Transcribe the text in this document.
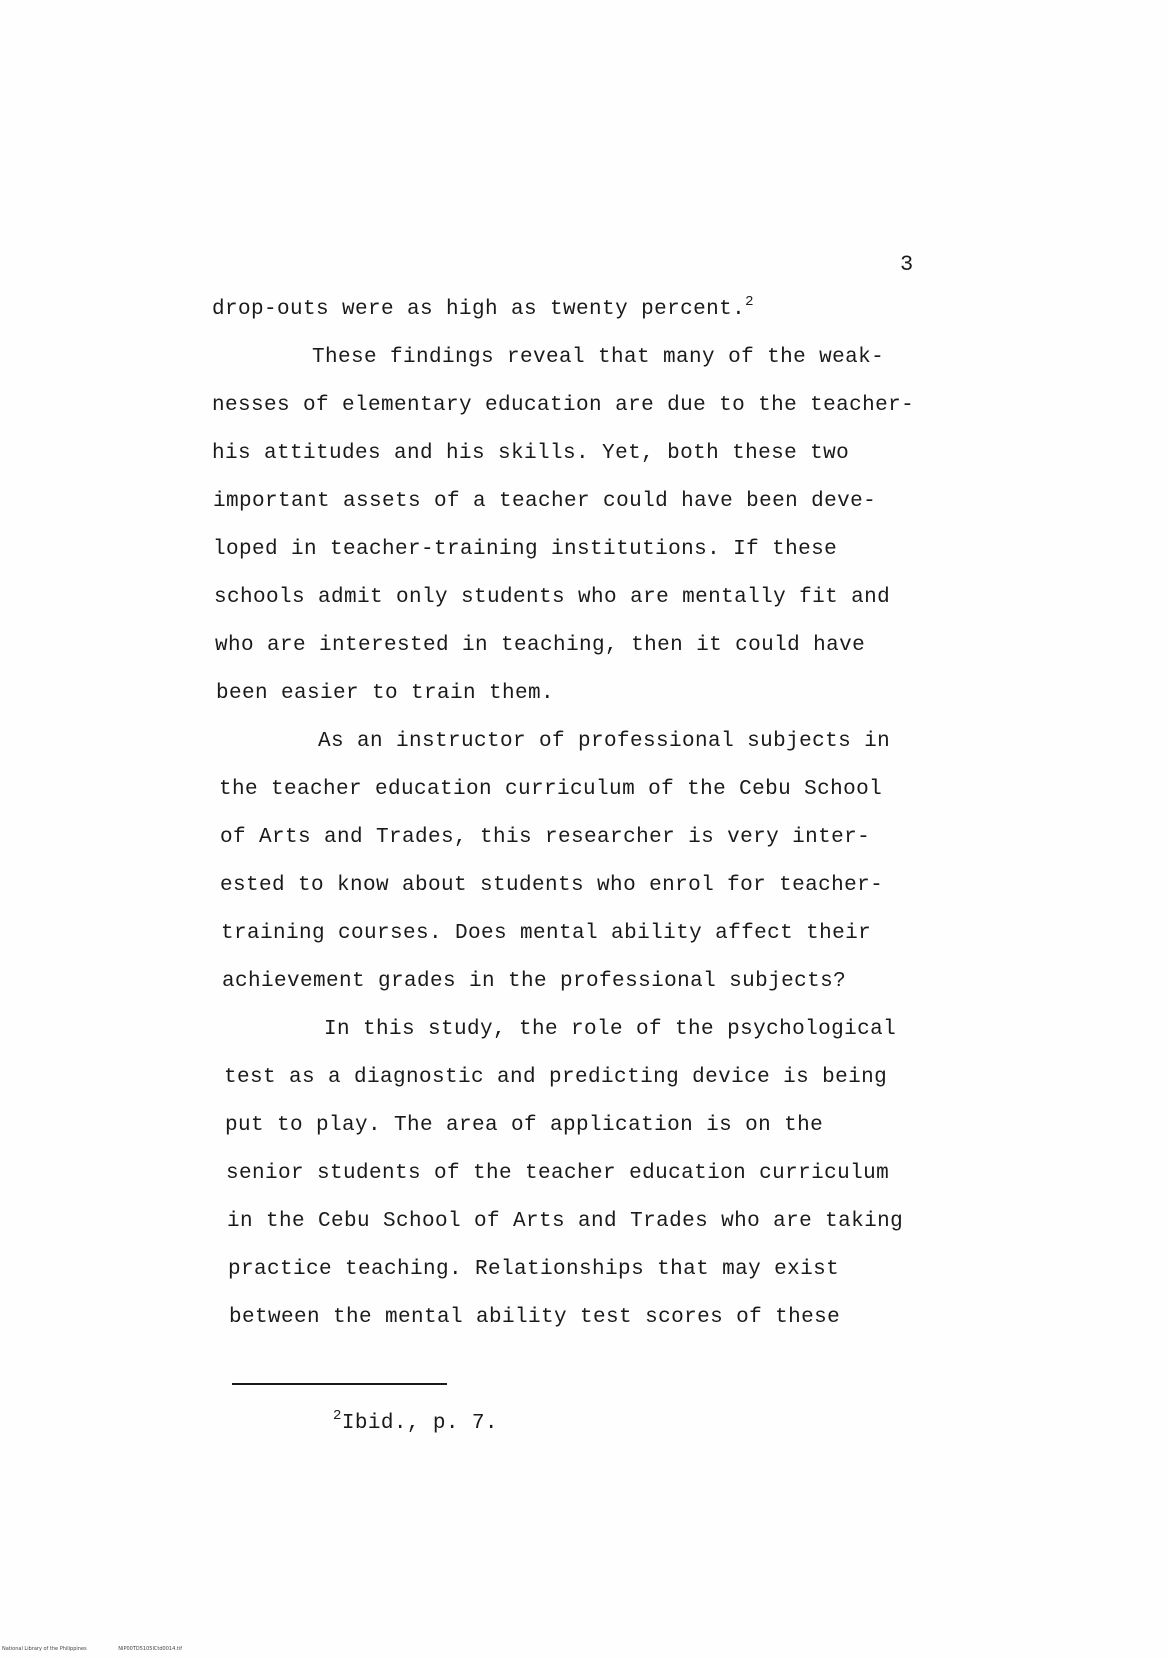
3
drop-outs were as high as twenty percent.$^2$
These findings reveal that many of the weak-
nesses of elementary education are due to the teacher-
his attitudes and his skills. Yet, both these two
important assets of a teacher could have been deve-
loped in teacher-training institutions. If these
schools admit only students who are mentally fit and
who are interested in teaching, then it could have
been easier to train them.
As an instructor of professional subjects in
the teacher education curriculum of the Cebu School
of Arts and Trades, this researcher is very inter-
ested to know about students who enrol for teacher-
training courses. Does mental ability affect their
achievement grades in the professional subjects?
In this study, the role of the psychological
test as a diagnostic and predicting device is being
put to play. The area of application is on the
senior students of the teacher education curriculum
in the Cebu School of Arts and Trades who are taking
practice teaching. Relationships that may exist
between the mental ability test scores of these
$^2$Ibid., p. 7.
National Library of the Philippines	NIP00TD5105ICtd0014.tif
